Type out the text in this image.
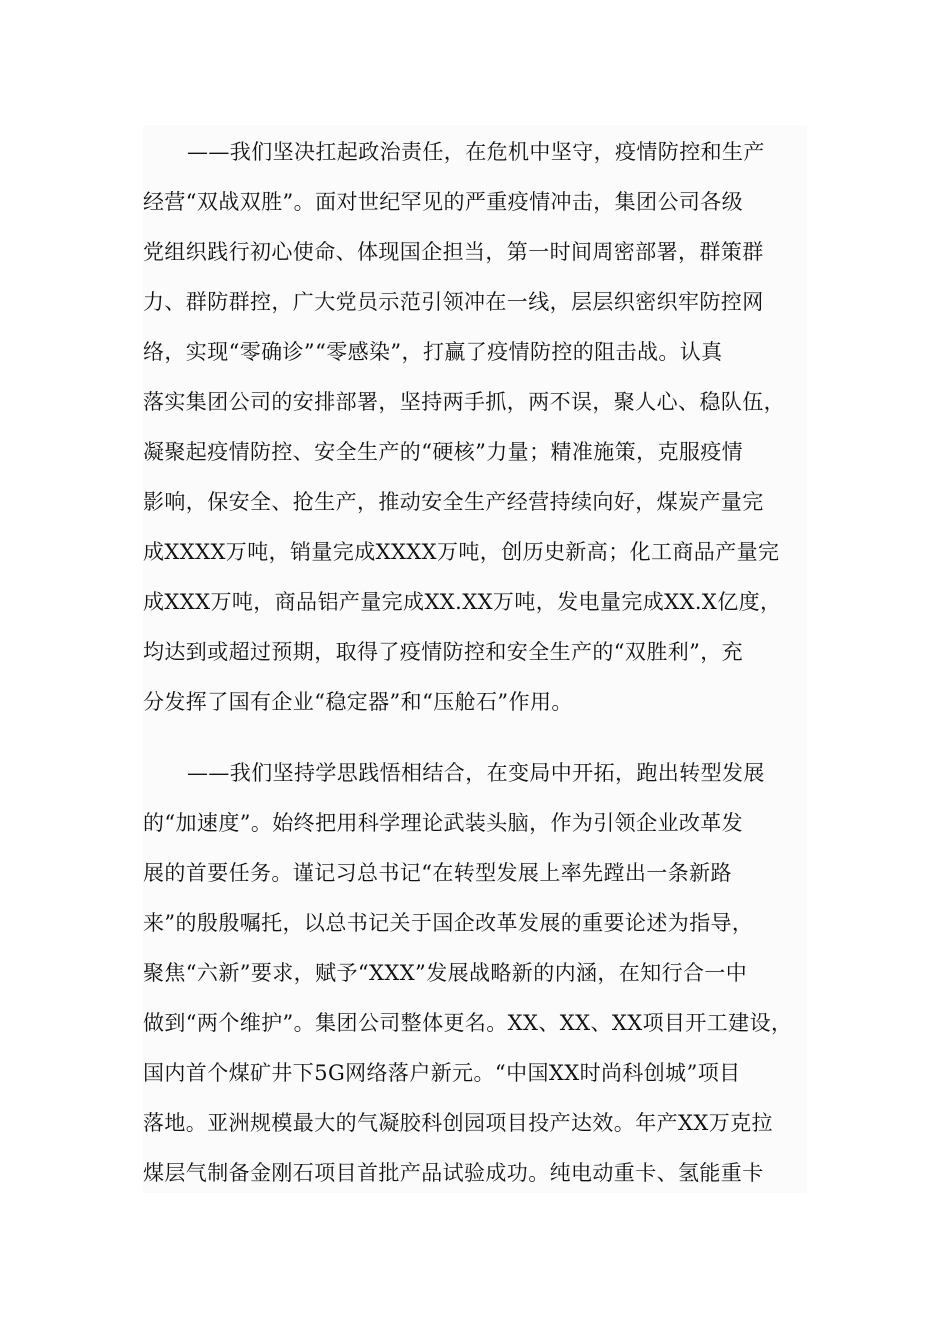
——我们坚决扛起政治责任，在危机中坚守，疫情防控和生产
经营“双战双胜”。面对世纪罕见的严重疫情冲击，集团公司各级
党组织践行初心使命、体现国企担当，第一时间周密部署，群策群
力、群防群控，广大党员示范引领冲在一线，层层织密织牢防控网
络，实现“零确诊”“零感染”，打赢了疫情防控的阻击战。认真
落实集团公司的安排部署，坚持两手抓，两不误，聚人心、稳队伍，
凝聚起疫情防控、安全生产的“硬核”力量；精准施策，克服疫情
影响，保安全、抢生产，推动安全生产经营持续向好，煤炭产量完
成XXXX万吨，销量完成XXXX万吨，创历史新高；化工商品产量完
成XXX万吨，商品铝产量完成XX.XX万吨，发电量完成XX.X亿度，
均达到或超过预期，取得了疫情防控和安全生产的“双胜利”，充
分发挥了国有企业“稳定器”和“压舱石”作用。
——我们坚持学思践悟相结合，在变局中开拓，跑出转型发展
的“加速度”。始终把用科学理论武装头脑，作为引领企业改革发
展的首要任务。谨记习总书记“在转型发展上率先蹚出一条新路
来”的殷殷嘱托，以总书记关于国企改革发展的重要论述为指导，
聚焦“六新”要求，赋予“XXX”发展战略新的内涵，在知行合一中
做到“两个维护”。集团公司整体更名。XX、XX、XX项目开工建设，
国内首个煤矿井下5G网络落户新元。“中国XX时尚科创城”项目
落地。亚洲规模最大的气凝胶科创园项目投产达效。年产XX万克拉
煤层气制备金刚石项目首批产品试验成功。纯电动重卡、氢能重卡
